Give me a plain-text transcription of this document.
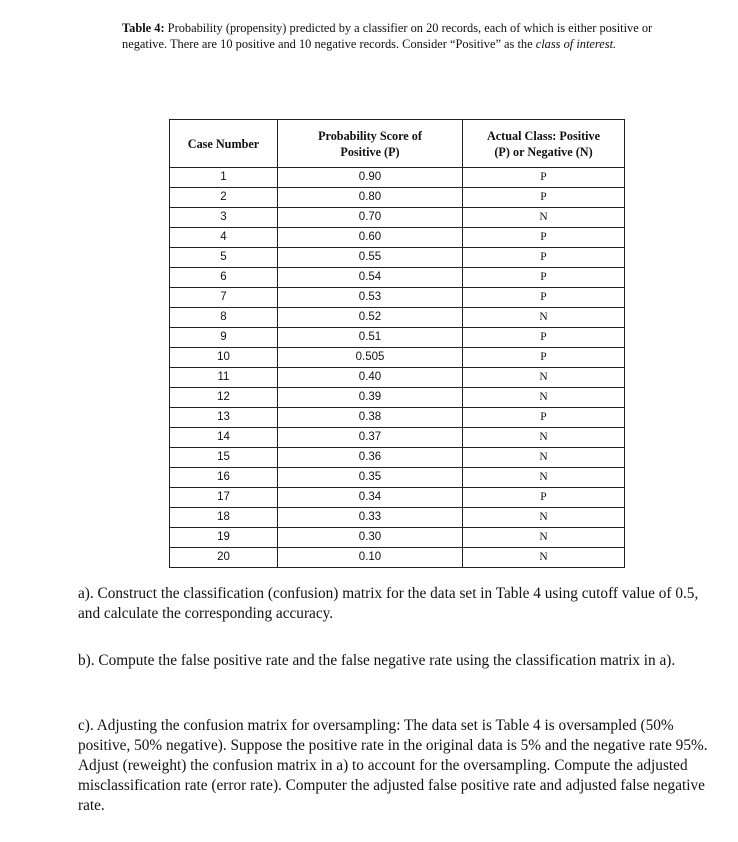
Table 4: Probability (propensity) predicted by a classifier on 20 records, each of which is either positive or negative. There are 10 positive and 10 negative records. Consider “Positive” as the class of interest.
Case Number	Probability Score of Positive (P)	Actual Class: Positive (P) or Negative (N)
1	0.90	P
2	0.80	P
3	0.70	N
4	0.60	P
5	0.55	P
6	0.54	P
7	0.53	P
8	0.52	N
9	0.51	P
10	0.505	P
11	0.40	N
12	0.39	N
13	0.38	P
14	0.37	N
15	0.36	N
16	0.35	N
17	0.34	P
18	0.33	N
19	0.30	N
20	0.10	N
a). Construct the classification (confusion) matrix for the data set in Table 4 using cutoff value of 0.5, and calculate the corresponding accuracy.
b). Compute the false positive rate and the false negative rate using the classification matrix in a).
c). Adjusting the confusion matrix for oversampling: The data set is Table 4 is oversampled (50% positive, 50% negative). Suppose the positive rate in the original data is 5% and the negative rate 95%. Adjust (reweight) the confusion matrix in a) to account for the oversampling. Compute the adjusted misclassification rate (error rate). Computer the adjusted false positive rate and adjusted false negative rate.
